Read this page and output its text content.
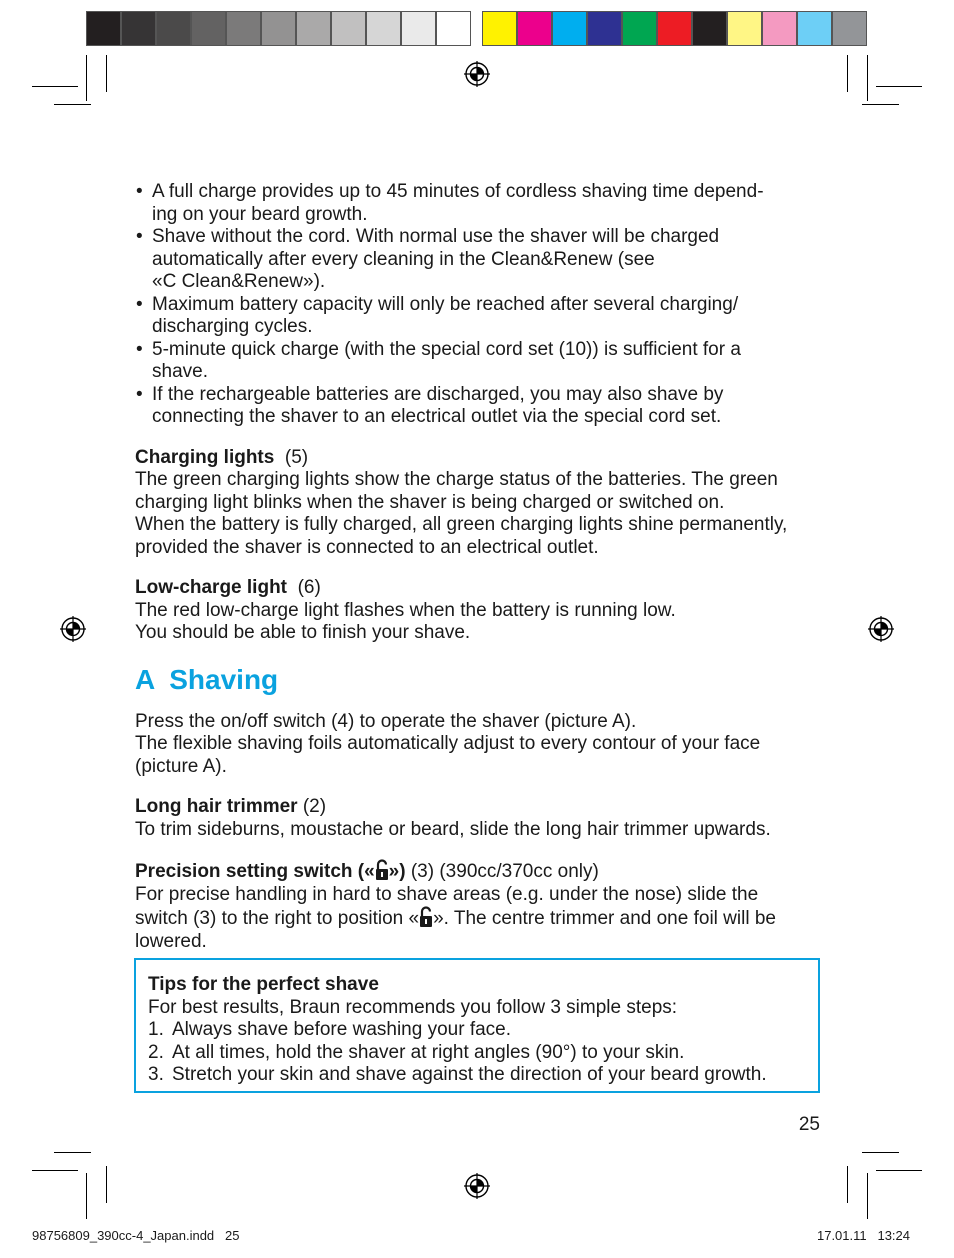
• A full charge provides up to 45 minutes of cordless shaving time depend-
ing on your beard growth.
• Shave without the cord. With normal use the shaver will be charged
automatically after every cleaning in the Clean&Renew (see
«C Clean&Renew»).
• Maximum battery capacity will only be reached after several charging/
discharging cycles.
• 5-minute quick charge (with the special cord set (10)) is sufficient for a
shave.
• If the rechargeable batteries are discharged, you may also shave by
connecting the shaver to an electrical outlet via the special cord set.

Charging lights (5)

The green charging lights show the charge status of the batteries. The green

charging light blinks when the shaver is being charged or switched on.

When the battery is fully charged, all green charging lights shine permanently,

provided the shaver is connected to an electrical outlet.

Low-charge light (6)

The red low-charge light flashes when the battery is running low.

You should be able to finish your shave.

A Shaving

Press the on/off switch (4) to operate the shaver (picture A).

The flexible shaving foils automatically adjust to every contour of your face

(picture A).

Long hair trimmer (2)

To trim sideburns, moustache or beard, slide the long hair trimmer upwards.

Precision setting switch (« ») (3) (390cc/370cc only)

For precise handling in hard to shave areas (e.g. under the nose) slide the

switch (3) to the right to position « ». The centre trimmer and one foil will be

lowered.

Tips for the perfect shave

For best results, Braun recommends you follow 3 simple steps:

1. Always shave before washing your face.
2. At all times, hold the shaver at right angles (90°) to your skin.
3. Stretch your skin and shave against the direction of your beard growth.
25
98756809_390cc-4_Japan.indd   25	17.01.11   13:24
